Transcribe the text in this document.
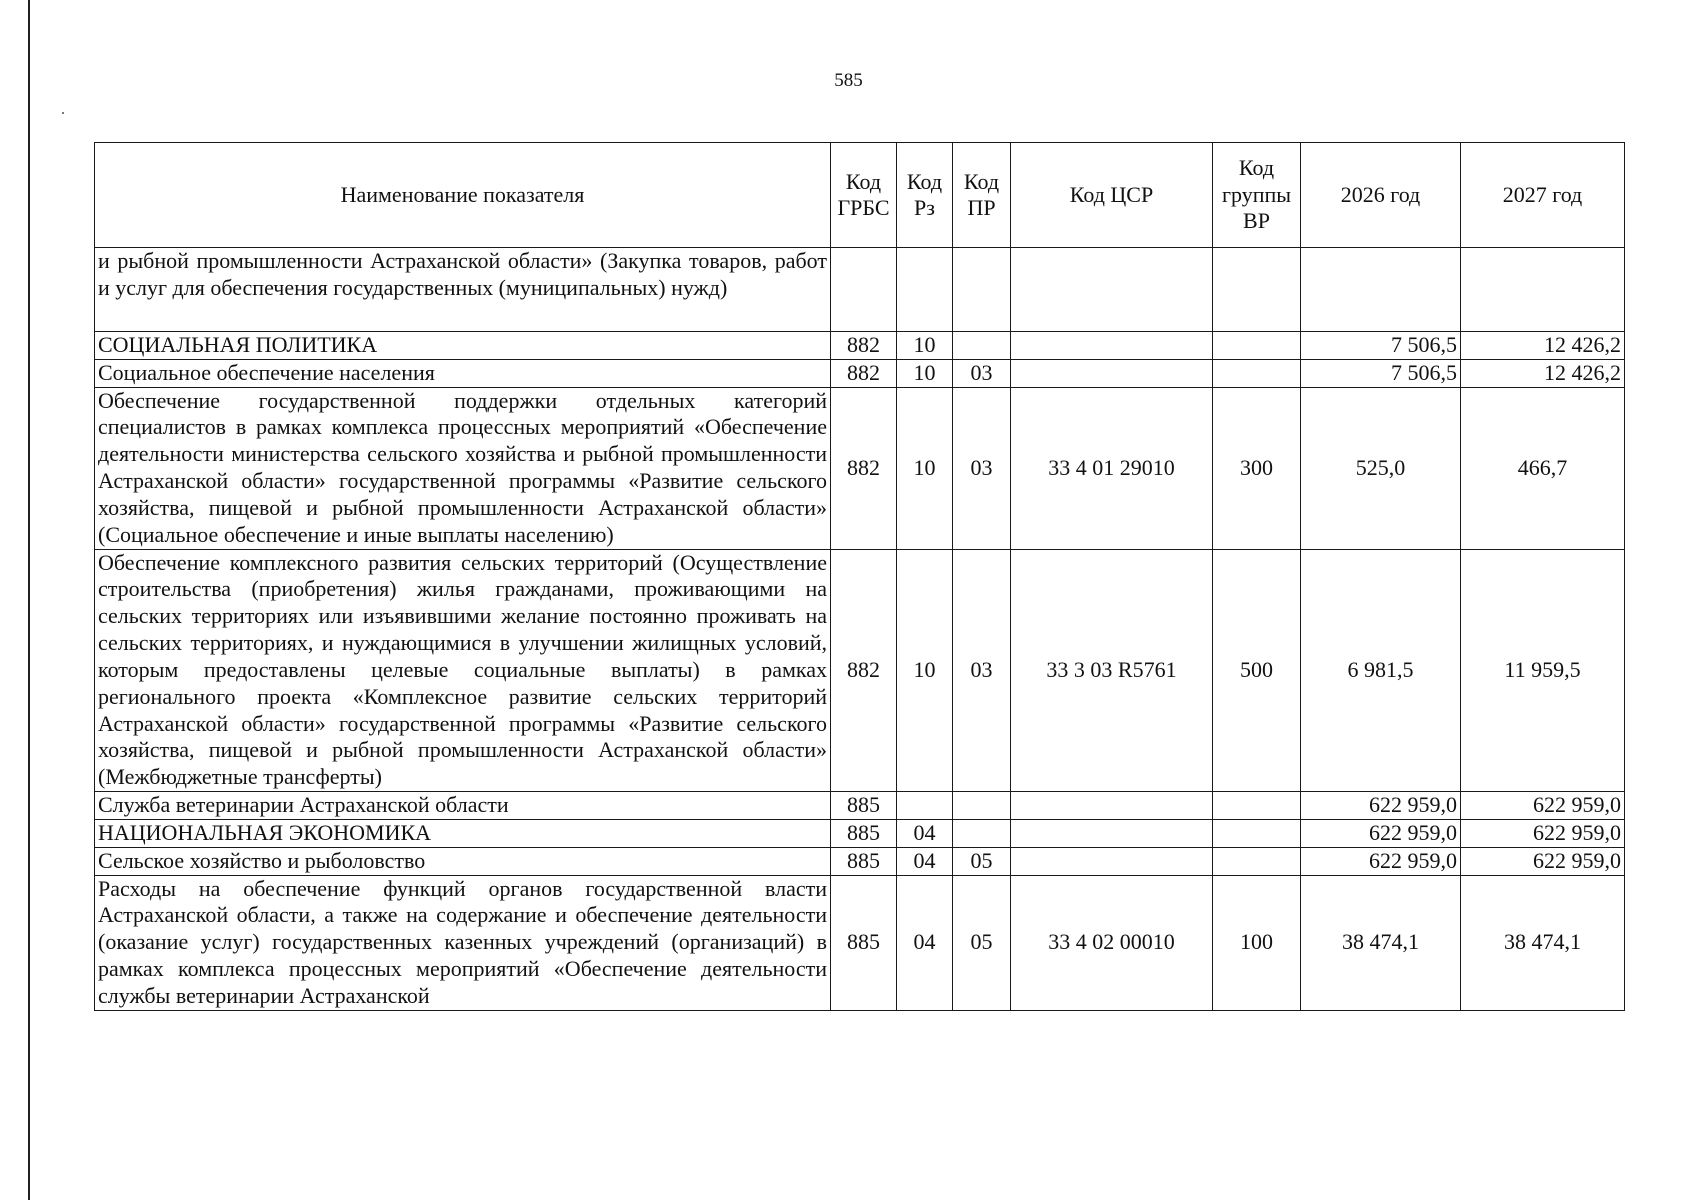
585
Наименование показателя	Код ГРБС	Код Рз	Код ПР	Код ЦСР	Код группы ВР	2026 год	2027 год
и рыбной промышленности Астраханской области» (Закупка товаров, работ и услуг для обеспечения государственных (муниципальных) нужд)							
СОЦИАЛЬНАЯ ПОЛИТИКА	882	10				7 506,5	12 426,2
Социальное обеспечение населения	882	10	03			7 506,5	12 426,2
Обеспечение государственной поддержки отдельных категорий специалистов в рамках комплекса процессных мероприятий «Обеспечение деятельности министерства сельского хозяйства и рыбной промышленности Астраханской области» государственной программы «Развитие сельского хозяйства, пищевой и рыбной промышленности Астраханской области» (Социальное обеспечение и иные выплаты населению)	882	10	03	33 4 01 29010	300	525,0	466,7
Обеспечение комплексного развития сельских территорий (Осуществление строительства (приобретения) жилья гражданами, проживающими на сельских территориях или изъявившими желание постоянно проживать на сельских территориях, и нуждающимися в улучшении жилищных условий, которым предоставлены целевые социальные выплаты) в рамках регионального проекта «Комплексное развитие сельских территорий Астраханской области» государственной программы «Развитие сельского хозяйства, пищевой и рыбной промышленности Астраханской области» (Межбюджетные трансферты)	882	10	03	33 3 03 R5761	500	6 981,5	11 959,5
Служба ветеринарии Астраханской области	885					622 959,0	622 959,0
НАЦИОНАЛЬНАЯ ЭКОНОМИКА	885	04				622 959,0	622 959,0
Сельское хозяйство и рыболовство	885	04	05			622 959,0	622 959,0
Расходы на обеспечение функций органов государственной власти Астраханской области, а также на содержание и обеспечение деятельности (оказание услуг) государственных казенных учреждений (организаций) в рамках комплекса процессных мероприятий «Обеспечение деятельности службы ветеринарии Астраханской	885	04	05	33 4 02 00010	100	38 474,1	38 474,1
